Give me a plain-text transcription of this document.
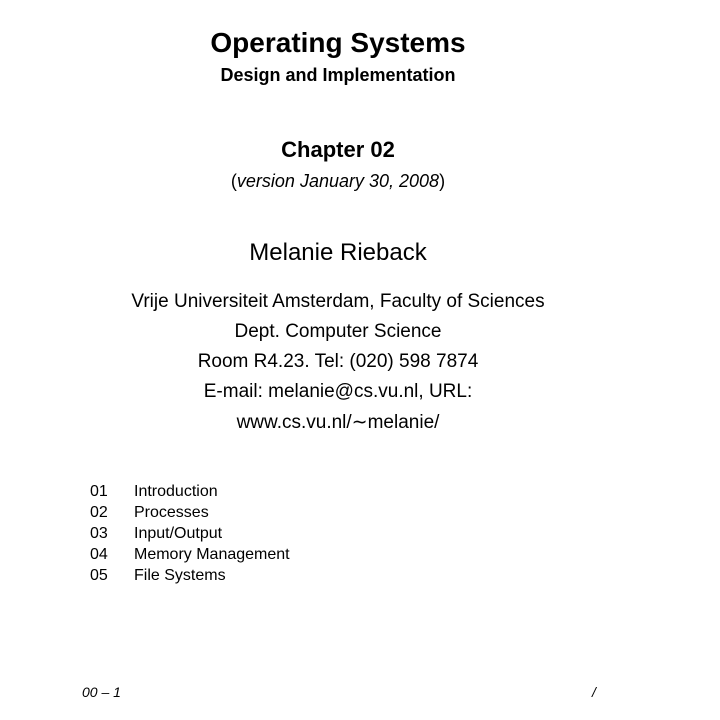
Operating Systems
Design and Implementation
Chapter 02
(version January 30, 2008)
Melanie Rieback
Vrije Universiteit Amsterdam, Faculty of Sciences
Dept. Computer Science
Room R4.23. Tel: (020) 598 7874
E-mail: melanie@cs.vu.nl, URL:
www.cs.vu.nl/∼melanie/
01	Introduction
02	Processes
03	Input/Output
04	Memory Management
05	File Systems
00 – 1	/
